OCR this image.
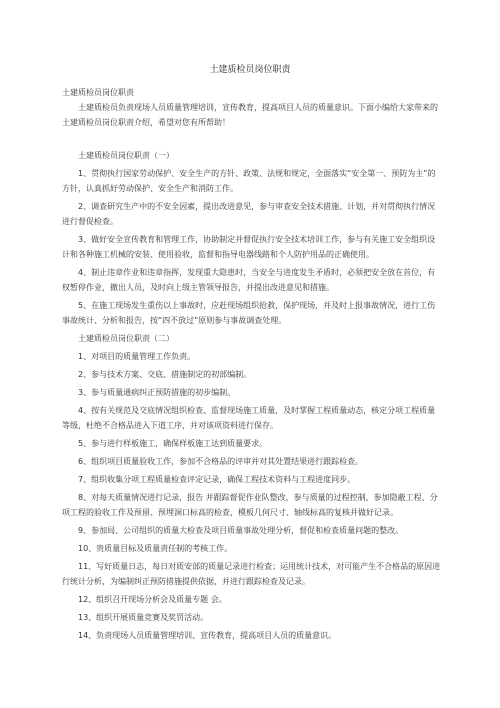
土建质检员岗位职责

土建质检员岗位职责

土建质检员负责现场人员质量管理培训，宣传教育，提高项目人员的质量意识。下面小编给大家带来的土建质检员岗位职责介绍，希望对您有所帮助！

土建质检员岗位职责（一）

1、贯彻执行国家劳动保护、安全生产的方针、政策、法规和规定，全面落实“安全第一、预防为主”的方针，认真抓好劳动保护、安全生产和消防工作。

2、调查研究生产中的不安全因素，提出改进意见，参与审查安全技术措施、计划，并对贯彻执行情况进行督促检查。

3、做好安全宣传教育和管理工作，协助制定并督促执行安全技术培训工作，参与有关施工安全组织设计和各种施工机械的安装、使用验收，监督和指导电器线路和个人防护用品的正确使用。

4、制止违章作业和违章指挥，发现重大隐患时，当安全与进度发生矛盾时，必须把安全放在首位，有权暂停作业，撤出人员，及时向上级主管领导报告，并提出改进意见和措施。

5、在施工现场发生重伤以上事故时，应赶现场组织抢救，保护现场，并及时上报事故情况，进行工伤事故统计、分析和报告，按“四不放过”原则参与事故调查处理。

土建质检员岗位职责（二）

1、对项目的质量管理工作负责。

2、参与技术方案、交底、措施制定的初部编制。

3、参与质量通病纠正预防措施的初步编制。

4、按有关规范及交底情况组织检查、监督现场施工质量，及时掌握工程质量动态，核定分项工程质量等级，杜绝不合格品进入下道工序，并对该项资料进行保存。

5、参与进行样板施工，确保样板施工达到质量要求。

6、组织项目质量验收工作，参加不合格品的评审并对其处置结果进行跟踪检查。

7、组织收集分项工程质量检查评定记录，确保工程技术资料与工程进度同步。

8、对每天质量情况进行记录，报告 并跟踪督促作业队整改，参与质量的过程控制，参加隐蔽工程、分项工程的验收工作及预留、预埋洞口标高的检查，模板几何尺寸、轴线标高的复核并做好记录。

9、参加局、公司组织的质量大检查及项目质量事故处理分析，督促和检查质量问题的整改。

10、贵质量目标及质量责任制的考核工作。

11、写好质量日志，每日对质安部的质量记录进行检查；运用统计技术，对可能产生不合格品的原因进行统计分析，为编制纠正预防措施提供依据，并进行跟踪检查及记录。

12、组织召开现场分析会及质量专题 会。

13、组织开展质量竞赛及奖罚活动。

14、负责现场人员质量管理培训、宣传教育，提高项目人员的质量意识。
